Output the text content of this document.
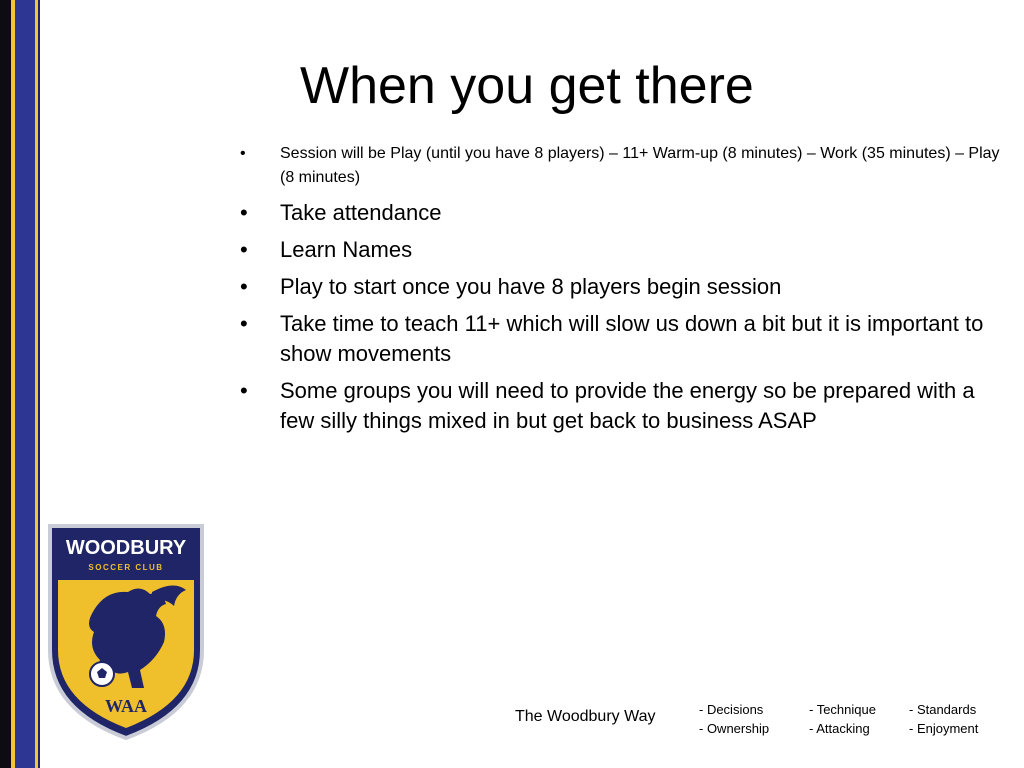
When you get there
• Session will be Play (until you have 8 players) – 11+ Warm-up (8 minutes) – Work (35 minutes) – Play (8 minutes)
• Take attendance
• Learn Names
• Play to start once you have 8 players begin session
• Take time to teach 11+ which will slow us down a bit but it is important to show movements
• Some groups you will need to provide the energy so be prepared with a few silly things mixed in but get back to business ASAP
WOODBURY
SOCCER CLUB
WAA
The Woodbury Way	- Decisions
- Ownership
- Technique
- Attacking
- Standards
- Enjoyment
